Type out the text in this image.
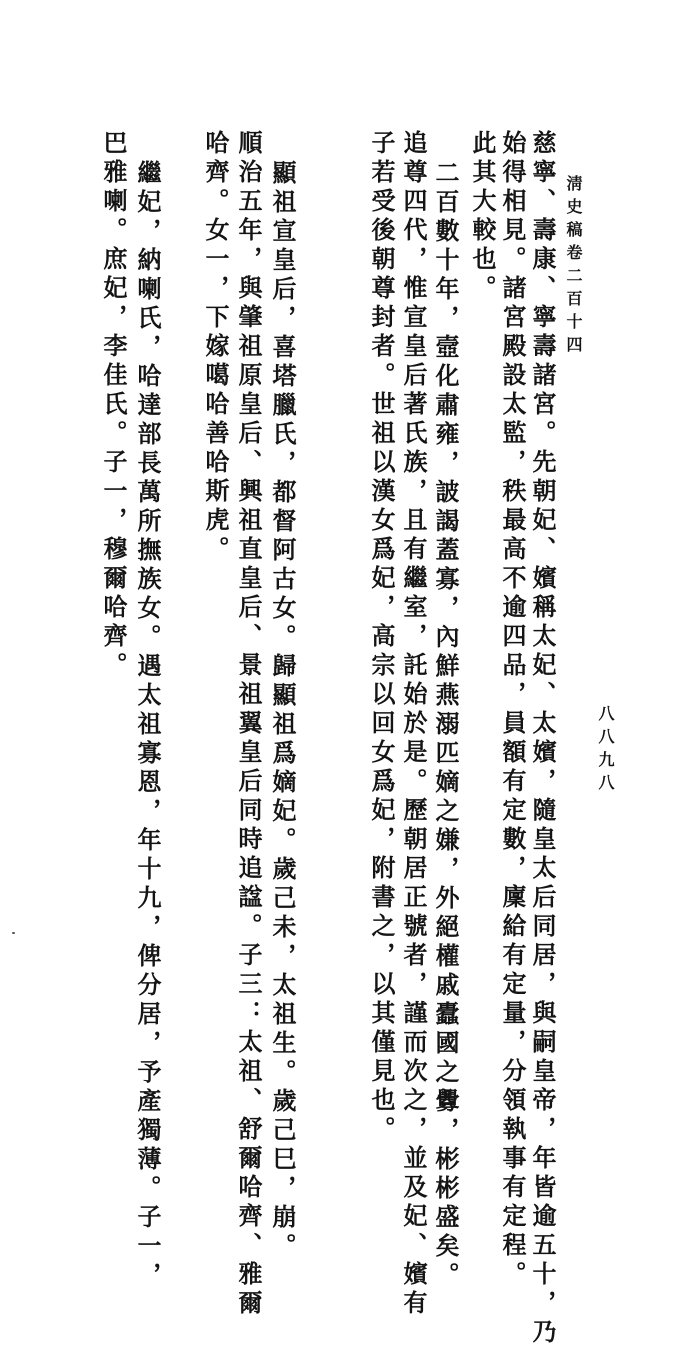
淸史稿卷二百十四
八八九八
慈寧、壽康、寧壽諸宮。先朝妃、嬪稱太妃、太嬪，隨皇太后同居，與嗣皇帝，年皆逾五十，乃
始得相見。諸宮殿設太監，秩最高不逾四品，員額有定數，廩給有定量，分領執事有定程。
此其大較也。
二百數十年，壼化肅雍，詖謁蓋寡，內鮮燕溺匹嫡之嫌，外絕權戚蠹國之釁，彬彬盛矣。
追尊四代，惟宣皇后著氏族，且有繼室，託始於是。歷朝居正號者，謹而次之，並及妃、嬪有
子若受後朝尊封者。世祖以漢女爲妃，高宗以回女爲妃，附書之，以其僅見也。
顯祖宣皇后，喜塔臘氏，都督阿古女。歸顯祖爲嫡妃。歲己未，太祖生。歲己巳，崩。
順治五年，與肇祖原皇后、興祖直皇后、景祖翼皇后同時追諡。子三：太祖、舒爾哈齊、雅爾
哈齊。女一，下嫁噶哈善哈斯虎。
繼妃，納喇氏，哈達部長萬所撫族女。遇太祖寡恩，年十九，俾分居，予產獨薄。子一，
巴雅喇。庶妃，李佳氏。子一，穆爾哈齊。
